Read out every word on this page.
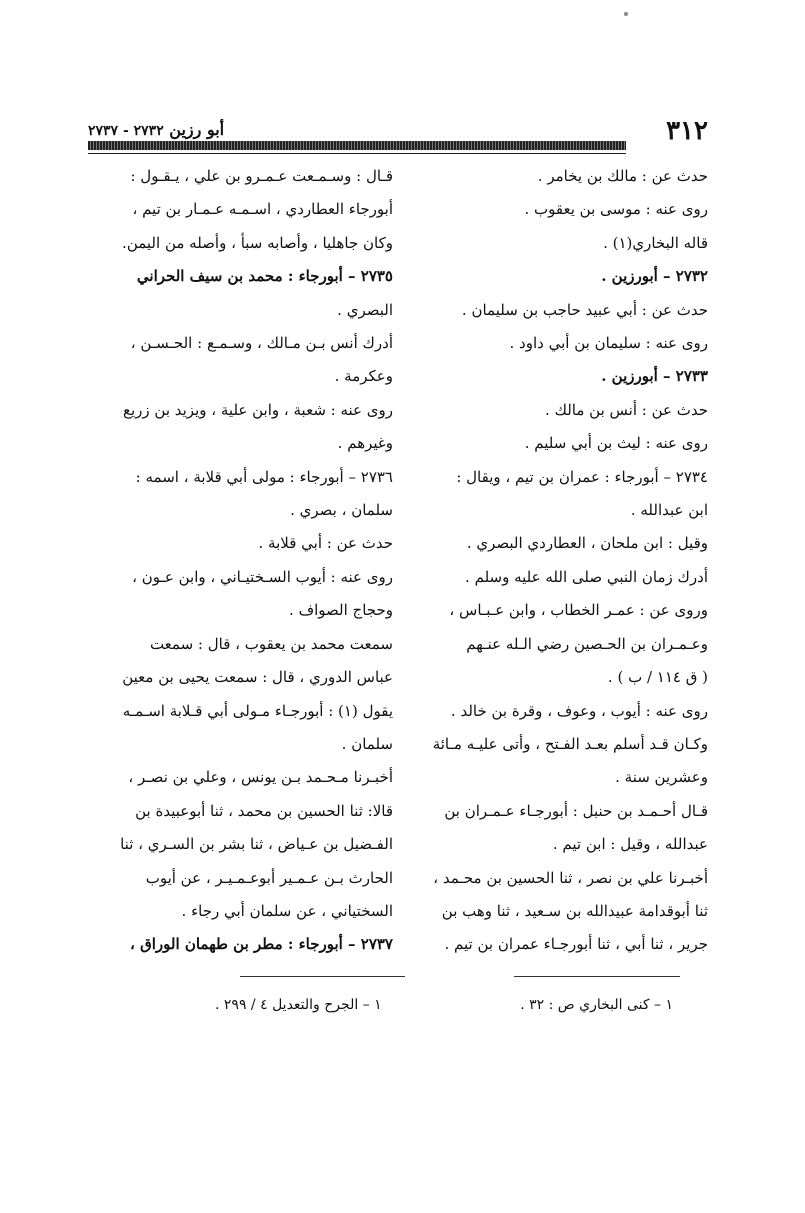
٣١٢
أبو رزين ٢٧٣٢ - ٢٧٣٧

حدث عن : مالك بن يخامر .

روى عنه : موسى بن يعقوب .

قاله البخاري(١) .

٢٧٣٢ – أبورزين .

حدث عن : أبي عبيد حاجب بن سليمان .

روى عنه : سليمان بن أبي داود .

٢٧٣٣ – أبورزين .

حدث عن : أنس بن مالك .

روى عنه : ليث بن أبي سليم .

٢٧٣٤ – أبورجاء : عمران بن تيم ، ويقال :

ابن عبدالله .

وقيل : ابن ملحان ، العطاردي البصري .

أدرك زمان النبي صلى الله عليه وسلم .

وروى عن : عمـر الخطاب ، وابن عـبـاس ،

وعـمـران بن الحـصين رضي الـله عنـهم

( ق ١١٤ / ب ) .

روى عنه : أيوب ، وعوف ، وقرة بن خالد .

وكـان قـد أسلم بعـد الفـتح ، وأتى عليـه مـائة

وعشرين سنة .

قـال أحـمـد بن حنبل : أبورجـاء عـمـران بن

عبدالله ، وقيل : ابن تيم .

أخبـرنا علي بن نصر ، ثنا الحسين بن محـمد ،

ثنا أبوقدامة عبيدالله بن سـعيد ، ثنا وهب بن

جرير ، ثنا أبي ، ثنا أبورجـاء عمران بن تيم .

قـال : وسـمـعت عـمـرو بن علي ، يـقـول :

أبورجاء العطاردي ، اسـمـه عـمـار بن تيم ،

وكان جاهليا ، وأصابه سبأ ، وأصله من اليمن.

٢٧٣٥ – أبورجاء : محمد بن سيف الحراني

البصري .

أدرك أنس بـن مـالك ، وسـمـع : الحـسـن ،

وعكرمة .

روى عنه : شعبة ، وابن علية ، ويزيد بن زريع

وغيرهم .

٢٧٣٦ – أبورجاء : مولى أبي قلابة ، اسمه :

سلمان ، بصري .

حدث عن : أبي قلابة .

روى عنه : أيوب السـختيـاني ، وابن عـون ،

وحجاج الصواف .

سمعت محمد بن يعقوب ، قال : سمعت

عباس الدوري ، قال : سمعت يحيى بن معين

يقول (١) : أبورجـاء مـولى أبي قـلابة اسـمـه

سلمان .

أخبـرنا مـحـمد بـن يونس ، وعلي بن نصـر ،

قالا: ثنا الحسين بن محمد ، ثنا أبوعبيدة بن

الفـضيل بن عـياض ، ثنا بشر بن السـري ، ثنا

الحارث بـن عـمـير أبوعـمـيـر ، عن أيوب

السختياني ، عن سلمان أبي رجاء .

٢٧٣٧ – أبورجاء : مطر بن طهمان الوراق ،

١ – كنى البخاري ص : ٣٢ .
١ – الجرح والتعديل ٤ / ٢٩٩ .
